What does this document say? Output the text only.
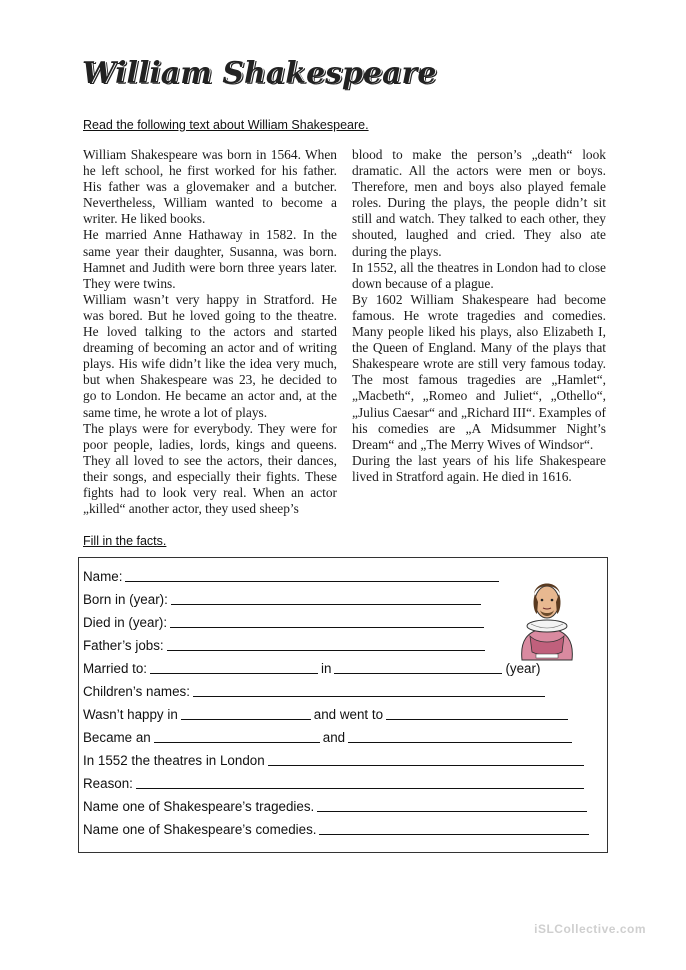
William Shakespeare
Read the following text about William Shakespeare.

William Shakespeare was born in 1564. When he left school, he first worked for his father. His father was a glovemaker and a butcher. Nevertheless, William wanted to become a writer. He liked books.

He married Anne Hathaway in 1582. In the same year their daughter, Susanna, was born. Hamnet and Judith were born three years later. They were twins.

William wasn’t very happy in Stratford. He was bored. But he loved going to the theatre. He loved talking to the actors and started dreaming of becoming an actor and of writing plays. His wife didn’t like the idea very much, but when Shakespeare was 23, he decided to go to London. He became an actor and, at the same time, he wrote a lot of plays.

The plays were for everybody. They were for poor people, ladies, lords, kings and queens. They all loved to see the actors, their dances, their songs, and especially their fights. These fights had to look very real. When an actor „killed“ another actor, they used sheep’s

blood to make the person’s „death“ look dramatic. All the actors were men or boys. Therefore, men and boys also played female roles. During the plays, the people didn’t sit still and watch. They talked to each other, they shouted, laughed and cried. They also ate during the plays.

In 1552, all the theatres in London had to close down because of a plague.

By 1602 William Shakespeare had become famous. He wrote tragedies and comedies. Many people liked his plays, also Elizabeth I, the Queen of England. Many of the plays that Shakespeare wrote are still very famous today. The most famous tragedies are „Hamlet“, „Macbeth“, „Romeo and Juliet“, „Othello“, „Julius Caesar“ and „Richard III“. Examples of his comedies are „A Midsummer Night’s Dream“ and „The Merry Wives of Windsor“.

During the last years of his life Shakespeare lived in Stratford again. He died in 1616.

Fill in the facts.
Name:
Born in (year):
Died in (year):
Father’s jobs:
Married to:	in	(year)
Children’s names:
Wasn’t happy in	and went to
Became an	and
In 1552 the theatres in London
Reason:
Name one of Shakespeare’s tragedies.
Name one of Shakespeare’s comedies.
iSLCollective.com
